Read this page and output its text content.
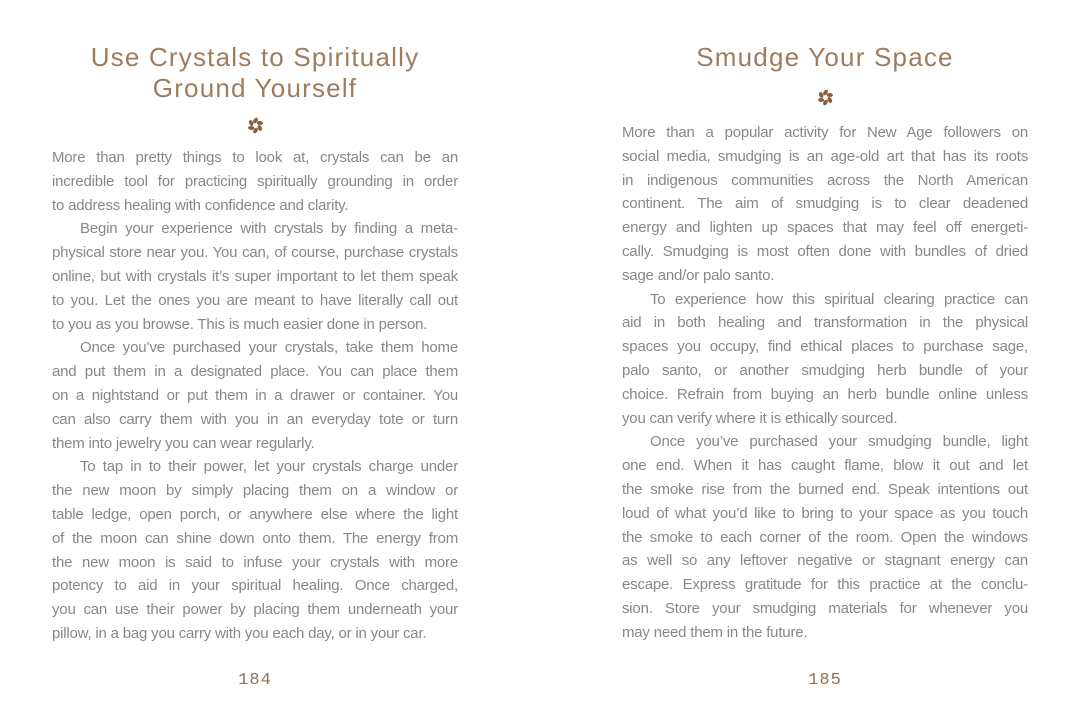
Use Crystals to Spiritually
Ground Yourself
More than pretty things to look at, crystals can be an
incredible tool for practicing spiritually grounding in order
to address healing with confidence and clarity.
Begin your experience with crystals by finding a meta-
physical store near you. You can, of course, purchase crystals
online, but with crystals it’s super important to let them speak
to you. Let the ones you are meant to have literally call out
to you as you browse. This is much easier done in person.
Once you’ve purchased your crystals, take them home
and put them in a designated place. You can place them
on a nightstand or put them in a drawer or container. You
can also carry them with you in an everyday tote or turn
them into jewelry you can wear regularly.
To tap in to their power, let your crystals charge under
the new moon by simply placing them on a window or
table ledge, open porch, or anywhere else where the light
of the moon can shine down onto them. The energy from
the new moon is said to infuse your crystals with more
potency to aid in your spiritual healing. Once charged,
you can use their power by placing them underneath your
pillow, in a bag you carry with you each day, or in your car.
184
Smudge Your Space
More than a popular activity for New Age followers on
social media, smudging is an age-old art that has its roots
in indigenous communities across the North American
continent. The aim of smudging is to clear deadened
energy and lighten up spaces that may feel off energeti-
cally. Smudging is most often done with bundles of dried
sage and/or palo santo.
To experience how this spiritual clearing practice can
aid in both healing and transformation in the physical
spaces you occupy, find ethical places to purchase sage,
palo santo, or another smudging herb bundle of your
choice. Refrain from buying an herb bundle online unless
you can verify where it is ethically sourced.
Once you’ve purchased your smudging bundle, light
one end. When it has caught flame, blow it out and let
the smoke rise from the burned end. Speak intentions out
loud of what you’d like to bring to your space as you touch
the smoke to each corner of the room. Open the windows
as well so any leftover negative or stagnant energy can
escape. Express gratitude for this practice at the conclu-
sion. Store your smudging materials for whenever you
may need them in the future.
185
